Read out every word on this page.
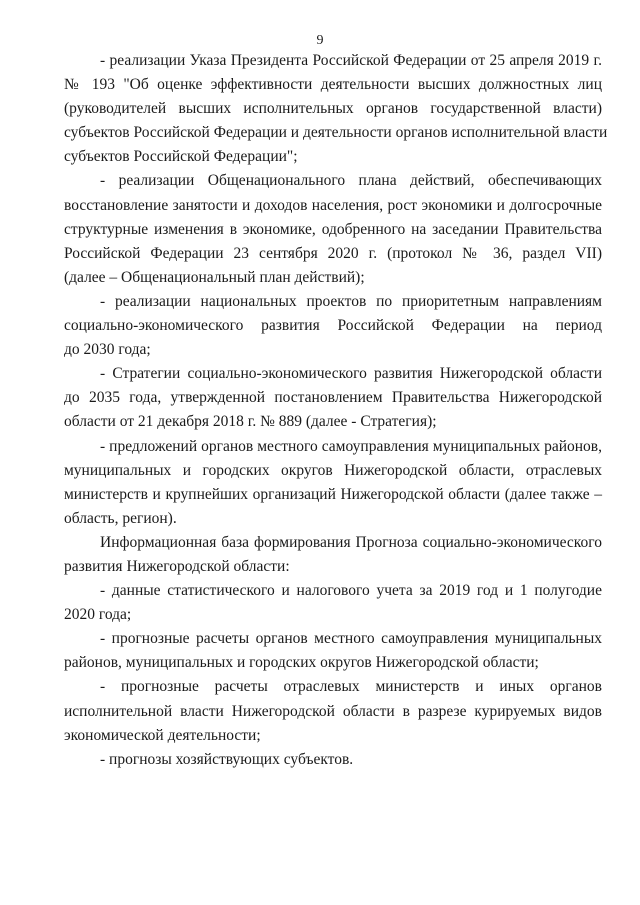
9
- реализации Указа Президента Российской Федерации от 25 апреля 2019 г.
№ 193 "Об оценке эффективности деятельности высших должностных лиц
(руководителей высших исполнительных органов государственной власти)
субъектов Российской Федерации и деятельности органов исполнительной власти
субъектов Российской Федерации";
- реализации Общенационального плана действий, обеспечивающих
восстановление занятости и доходов населения, рост экономики и долгосрочные
структурные изменения в экономике, одобренного на заседании Правительства
Российской Федерации 23 сентября 2020 г. (протокол № 36, раздел VII)
(далее – Общенациональный план действий);
- реализации национальных проектов по приоритетным направлениям
социально-экономического развития Российской Федерации на период
до 2030 года;
- Стратегии социально-экономического развития Нижегородской области
до 2035 года, утвержденной постановлением Правительства Нижегородской
области от 21 декабря 2018 г. № 889 (далее - Стратегия);
- предложений органов местного самоуправления муниципальных районов,
муниципальных и городских округов Нижегородской области, отраслевых
министерств и крупнейших организаций Нижегородской области (далее также –
область, регион).
Информационная база формирования Прогноза социально-экономического
развития Нижегородской области:
- данные статистического и налогового учета за 2019 год и 1 полугодие
2020 года;
- прогнозные расчеты органов местного самоуправления муниципальных
районов, муниципальных и городских округов Нижегородской области;
- прогнозные расчеты отраслевых министерств и иных органов
исполнительной власти Нижегородской области в разрезе курируемых видов
экономической деятельности;
- прогнозы хозяйствующих субъектов.
